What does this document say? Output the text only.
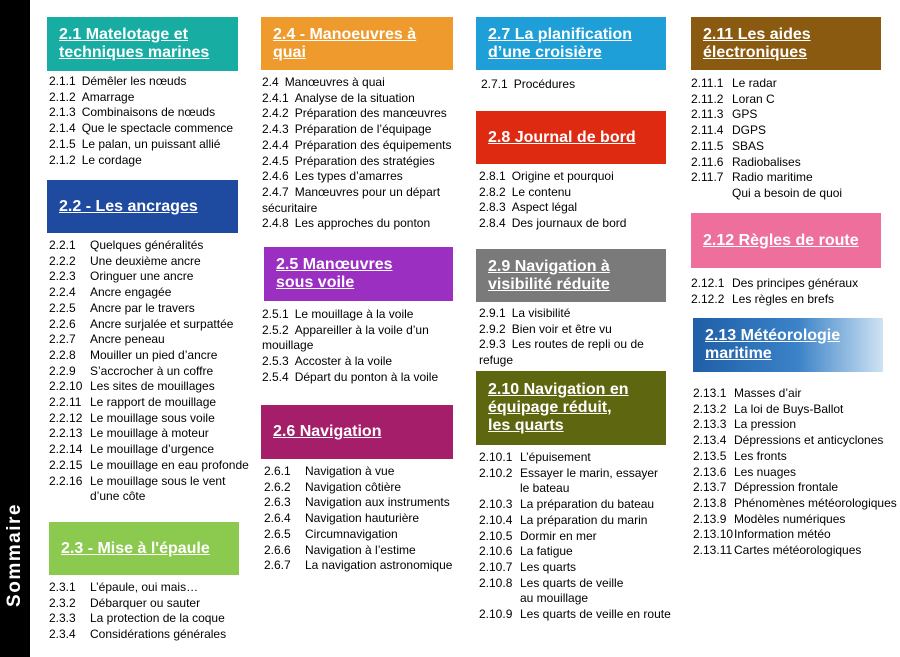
Sommaire
2.1 Matelotage et
techniques marines
2.1.1 Démêler les nœuds
2.1.2 Amarrage
2.1.3 Combinaisons de nœuds
2.1.4 Que le spectacle commence
2.1.5 Le palan, un puissant allié
2.1.2 Le cordage
2.2 - Les ancrages
2.2.1 Quelques généralités
2.2.2 Une deuxième ancre
2.2.3 Oringuer une ancre
2.2.4 Ancre engagée
2.2.5 Ancre par le travers
2.2.6 Ancre surjalée et surpattée
2.2.7 Ancre peneau
2.2.8 Mouiller un pied d’ancre
2.2.9 S’accrocher à un coffre
2.2.10 Les sites de mouillages
2.2.11 Le rapport de mouillage
2.2.12 Le mouillage sous voile
2.2.13 Le mouillage à moteur
2.2.14 Le mouillage d’urgence
2.2.15 Le mouillage en eau profonde
2.2.16 Le mouillage sous le vent
d’une côte
2.3 - Mise à l'épaule
2.3.1 L’épaule, oui mais…
2.3.2 Débarquer ou sauter
2.3.3 La protection de la coque
2.3.4 Considérations générales
2.4 - Manoeuvres à
quai
2.4 Manœuvres à quai
2.4.1 Analyse de la situation
2.4.2 Préparation des manœuvres
2.4.3 Préparation de l’équipage
2.4.4 Préparation des équipements
2.4.5 Préparation des stratégies
2.4.6 Les types d’amarres
2.4.7 Manœuvres pour un départ sécuritaire
2.4.8 Les approches du ponton
2.5 Manœuvres
sous voile
2.5.1 Le mouillage à la voile
2.5.2 Appareiller à la voile d’un mouillage
2.5.3 Accoster à la voile
2.5.4 Départ du ponton à la voile
2.6 Navigation
2.6.1 Navigation à vue
2.6.2 Navigation côtière
2.6.3 Navigation aux instruments
2.6.4 Navigation hauturière
2.6.5 Circumnavigation
2.6.6 Navigation à l’estime
2.6.7 La navigation astronomique
2.7 La planification
d’une croisière
2.7.1 Procédures
2.8 Journal de bord
2.8.1 Origine et pourquoi
2.8.2 Le contenu
2.8.3 Aspect légal
2.8.4 Des journaux de bord
2.9 Navigation à
visibilité réduite
2.9.1 La visibilité
2.9.2 Bien voir et être vu
2.9.3 Les routes de repli ou de refuge
2.10 Navigation en
équipage réduit,
les quarts
2.10.1 L’épuisement
2.10.2 Essayer le marin, essayer
le bateau
2.10.3 La préparation du bateau
2.10.4 La préparation du marin
2.10.5 Dormir en mer
2.10.6 La fatigue
2.10.7 Les quarts
2.10.8 Les quarts de veille
au mouillage
2.10.9 Les quarts de veille en route
2.11 Les aides
électroniques
2.11.1 Le radar
2.11.2 Loran C
2.11.3 GPS
2.11.4 DGPS
2.11.5 SBAS
2.11.6 Radiobalises
2.11.7 Radio maritime
Qui a besoin de quoi
2.12 Règles de route
2.12.1 Des principes généraux
2.12.2 Les règles en brefs
2.13 Météorologie
maritime
2.13.1 Masses d’air
2.13.2 La loi de Buys-Ballot
2.13.3 La pression
2.13.4 Dépressions et anticyclones
2.13.5 Les fronts
2.13.6 Les nuages
2.13.7 Dépression frontale
2.13.8 Phénomènes météorologiques
2.13.9 Modèles numériques
2.13.10Information météo
2.13.11 Cartes météorologiques
